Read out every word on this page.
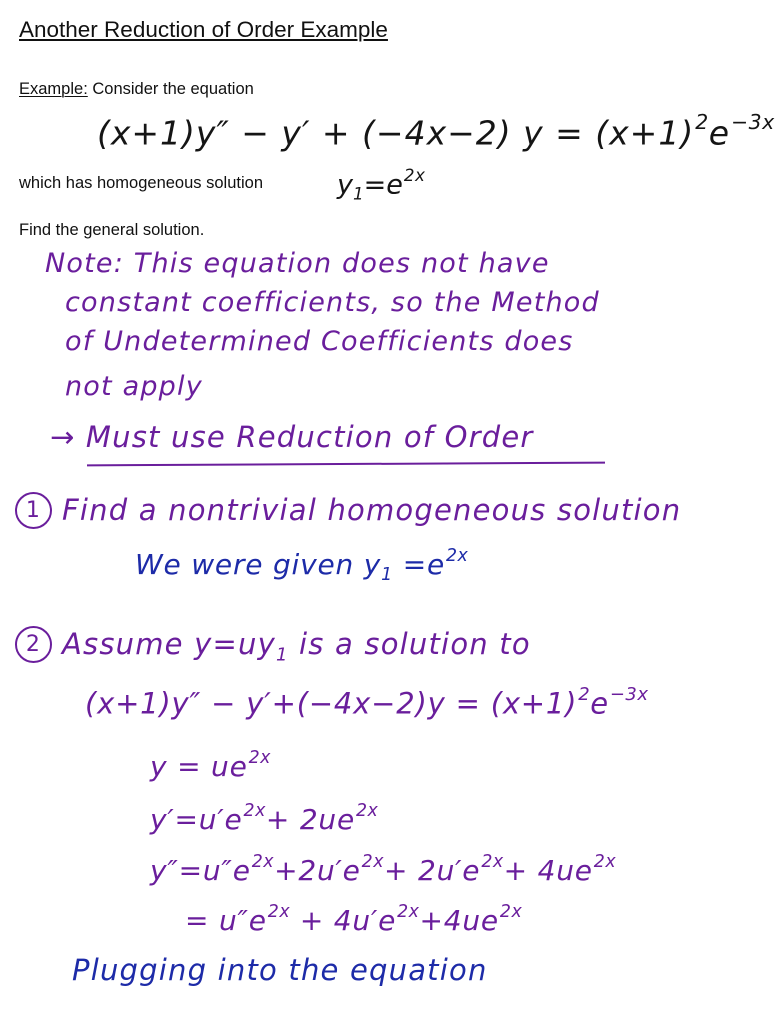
Another Reduction of Order Example
Example: Consider the equation
(x+1)y″ − y′ + (−4x−2) $y = (x+1)^2e^{-3x}$
which has homogeneous solution	$y_1=e^{2x}$
Find the general solution.
Note: This equation does not have
constant coefficients, so the Method
of Undetermined Coefficients does
not apply
→ Must use Reduction of Order
1 Find a nontrivial homogeneous solution
We were given $y_1 =e^{2x}$
2 Assume $y=uy_1$ is a solution to
$(x+1)y'' - y'+(-4x-2)y = (x+1)^2e^{-3x}$
$y = ue^{2x}$
$y'=u'e^{2x}+ 2ue^{2x}$
$y''=u''e^{2x}+2u'e^{2x}+ 2u'e^{2x}+ 4ue^{2x}$
= $u''e^{2x} + 4u'e^{2x}+4ue^{2x}$
Plugging into the equation
